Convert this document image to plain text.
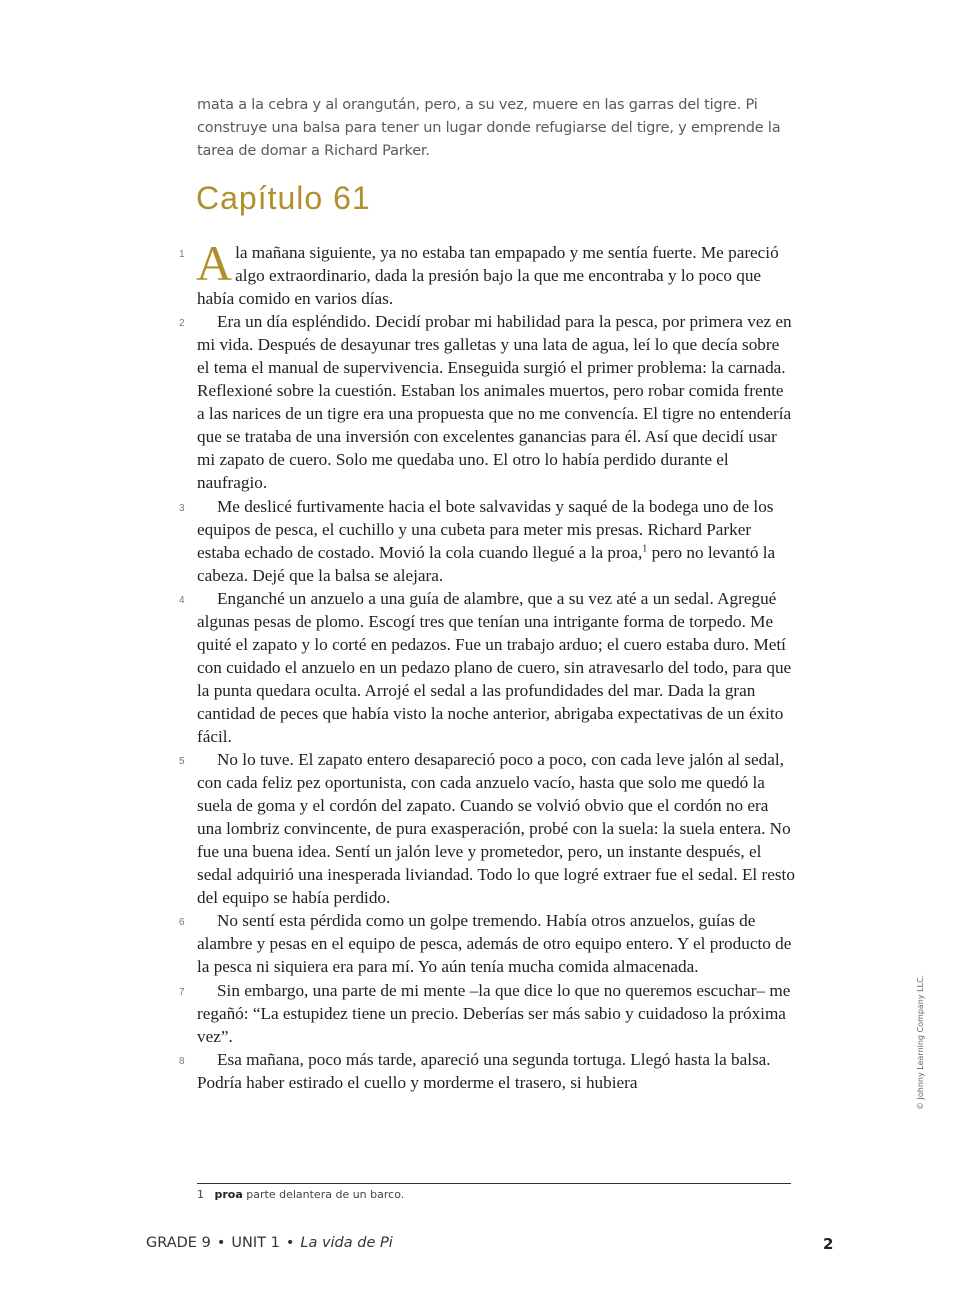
mata a la cebra y al orangután, pero, a su vez, muere en las garras del tigre. Pi construye una balsa para tener un lugar donde refugiarse del tigre, y emprende la tarea de domar a Richard Parker.

Capítulo 61

1 A la mañana siguiente, ya no estaba tan empapado y me sentía fuerte. Me pareció algo extraordinario, dada la presión bajo la que me encontraba y lo poco que había comido en varios días.

2 Era un día espléndido. Decidí probar mi habilidad para la pesca, por primera vez en mi vida. Después de desayunar tres galletas y una lata de agua, leí lo que decía sobre el tema el manual de supervivencia. Enseguida surgió el primer problema: la carnada. Reflexioné sobre la cuestión. Estaban los animales muertos, pero robar comida frente a las narices de un tigre era una propuesta que no me convencía. El tigre no entendería que se trataba de una inversión con excelentes ganancias para él. Así que decidí usar mi zapato de cuero. Solo me quedaba uno. El otro lo había perdido durante el naufragio.

3 Me deslicé furtivamente hacia el bote salvavidas y saqué de la bodega uno de los equipos de pesca, el cuchillo y una cubeta para meter mis presas. Richard Parker estaba echado de costado. Movió la cola cuando llegué a la proa,$^1$ pero no levantó la cabeza. Dejé que la balsa se alejara.

4 Enganché un anzuelo a una guía de alambre, que a su vez até a un sedal. Agregué algunas pesas de plomo. Escogí tres que tenían una intrigante forma de torpedo. Me quité el zapato y lo corté en pedazos. Fue un trabajo arduo; el cuero estaba duro. Metí con cuidado el anzuelo en un pedazo plano de cuero, sin atravesarlo del todo, para que la punta quedara oculta. Arrojé el sedal a las profundidades del mar. Dada la gran cantidad de peces que había visto la noche anterior, abrigaba expectativas de un éxito fácil.

5 No lo tuve. El zapato entero desapareció poco a poco, con cada leve jalón al sedal, con cada feliz pez oportunista, con cada anzuelo vacío, hasta que solo me quedó la suela de goma y el cordón del zapato. Cuando se volvió obvio que el cordón no era una lombriz convincente, de pura exasperación, probé con la suela: la suela entera. No fue una buena idea. Sentí un jalón leve y prometedor, pero, un instante después, el sedal adquirió una inesperada liviandad. Todo lo que logré extraer fue el sedal. El resto del equipo se había perdido.

6 No sentí esta pérdida como un golpe tremendo. Había otros anzuelos, guías de alambre y pesas en el equipo de pesca, además de otro equipo entero. Y el producto de la pesca ni siquiera era para mí. Yo aún tenía mucha comida almacenada.

7 Sin embargo, una parte de mi mente –la que dice lo que no queremos escuchar– me regañó: “La estupidez tiene un precio. Deberías ser más sabio y cuidadoso la próxima vez”.

8 Esa mañana, poco más tarde, apareció una segunda tortuga. Llegó hasta la balsa. Podría haber estirado el cuello y morderme el trasero, si hubiera

1 proa parte delantera de un barco.
GRADE 9 • UNIT 1 • La vida de Pi	2
© Johnny Learning Company LLC.
